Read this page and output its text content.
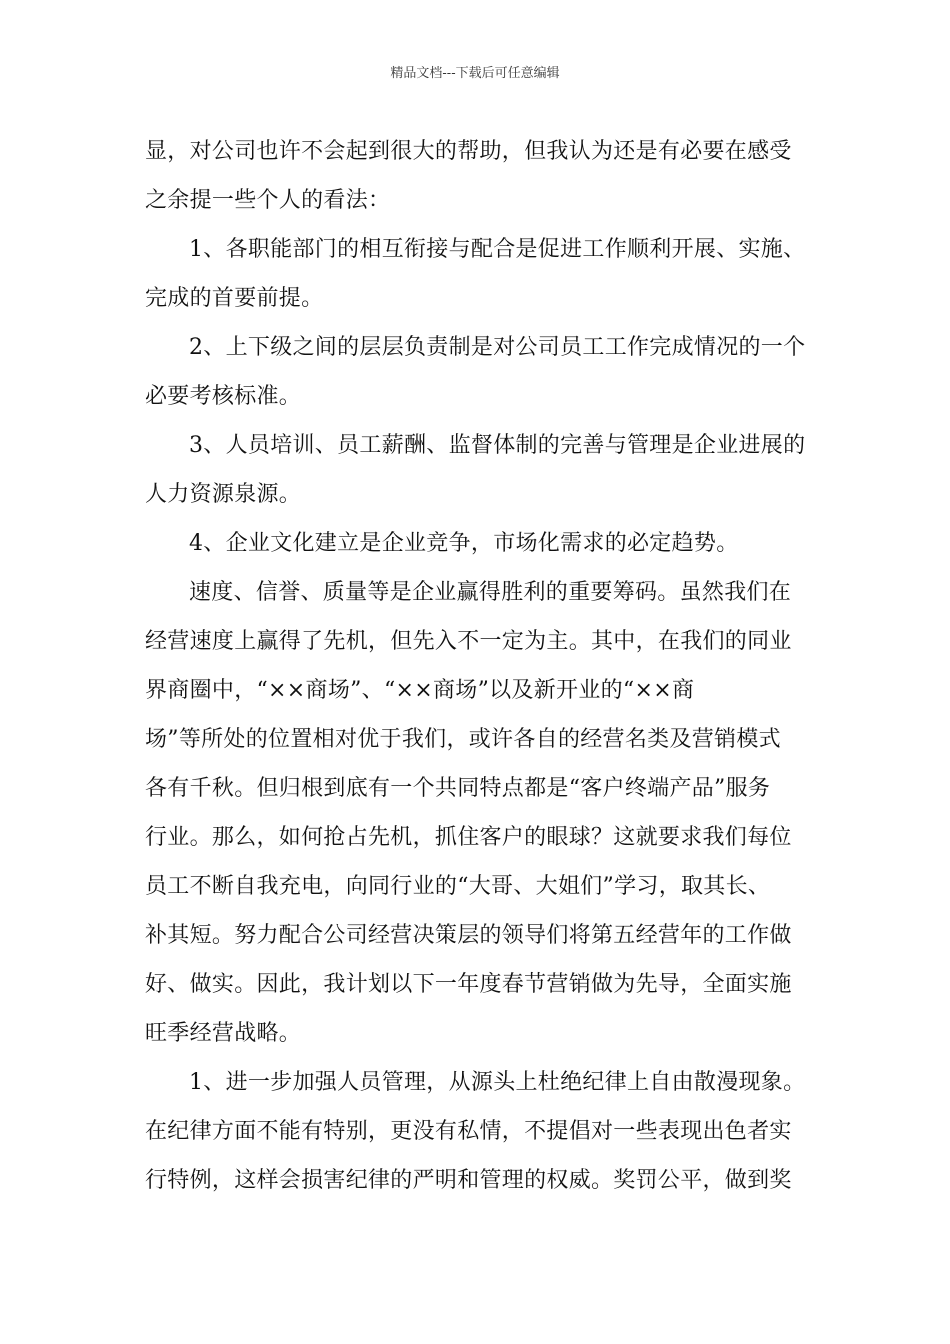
精品文档---下载后可任意编辑
显，对公司也许不会起到很大的帮助，但我认为还是有必要在感受
之余提一些个人的看法：
1、各职能部门的相互衔接与配合是促进工作顺利开展、实施、
完成的首要前提。
2、上下级之间的层层负责制是对公司员工工作完成情况的一个
必要考核标准。
3、人员培训、员工薪酬、监督体制的完善与管理是企业进展的
人力资源泉源。
4、企业文化建立是企业竞争，市场化需求的必定趋势。
速度、信誉、质量等是企业赢得胜利的重要筹码。虽然我们在
经营速度上赢得了先机，但先入不一定为主。其中，在我们的同业
界商圈中，“××商场”、“××商场”以及新开业的“××商
场”等所处的位置相对优于我们，或许各自的经营名类及营销模式
各有千秋。但归根到底有一个共同特点都是“客户终端产品”服务
行业。那么，如何抢占先机，抓住客户的眼球？这就要求我们每位
员工不断自我充电，向同行业的“大哥、大姐们”学习，取其长、
补其短。努力配合公司经营决策层的领导们将第五经营年的工作做
好、做实。因此，我计划以下一年度春节营销做为先导，全面实施
旺季经营战略。
1、进一步加强人员管理，从源头上杜绝纪律上自由散漫现象。
在纪律方面不能有特别，更没有私情，不提倡对一些表现出色者实
行特例，这样会损害纪律的严明和管理的权威。奖罚公平，做到奖
